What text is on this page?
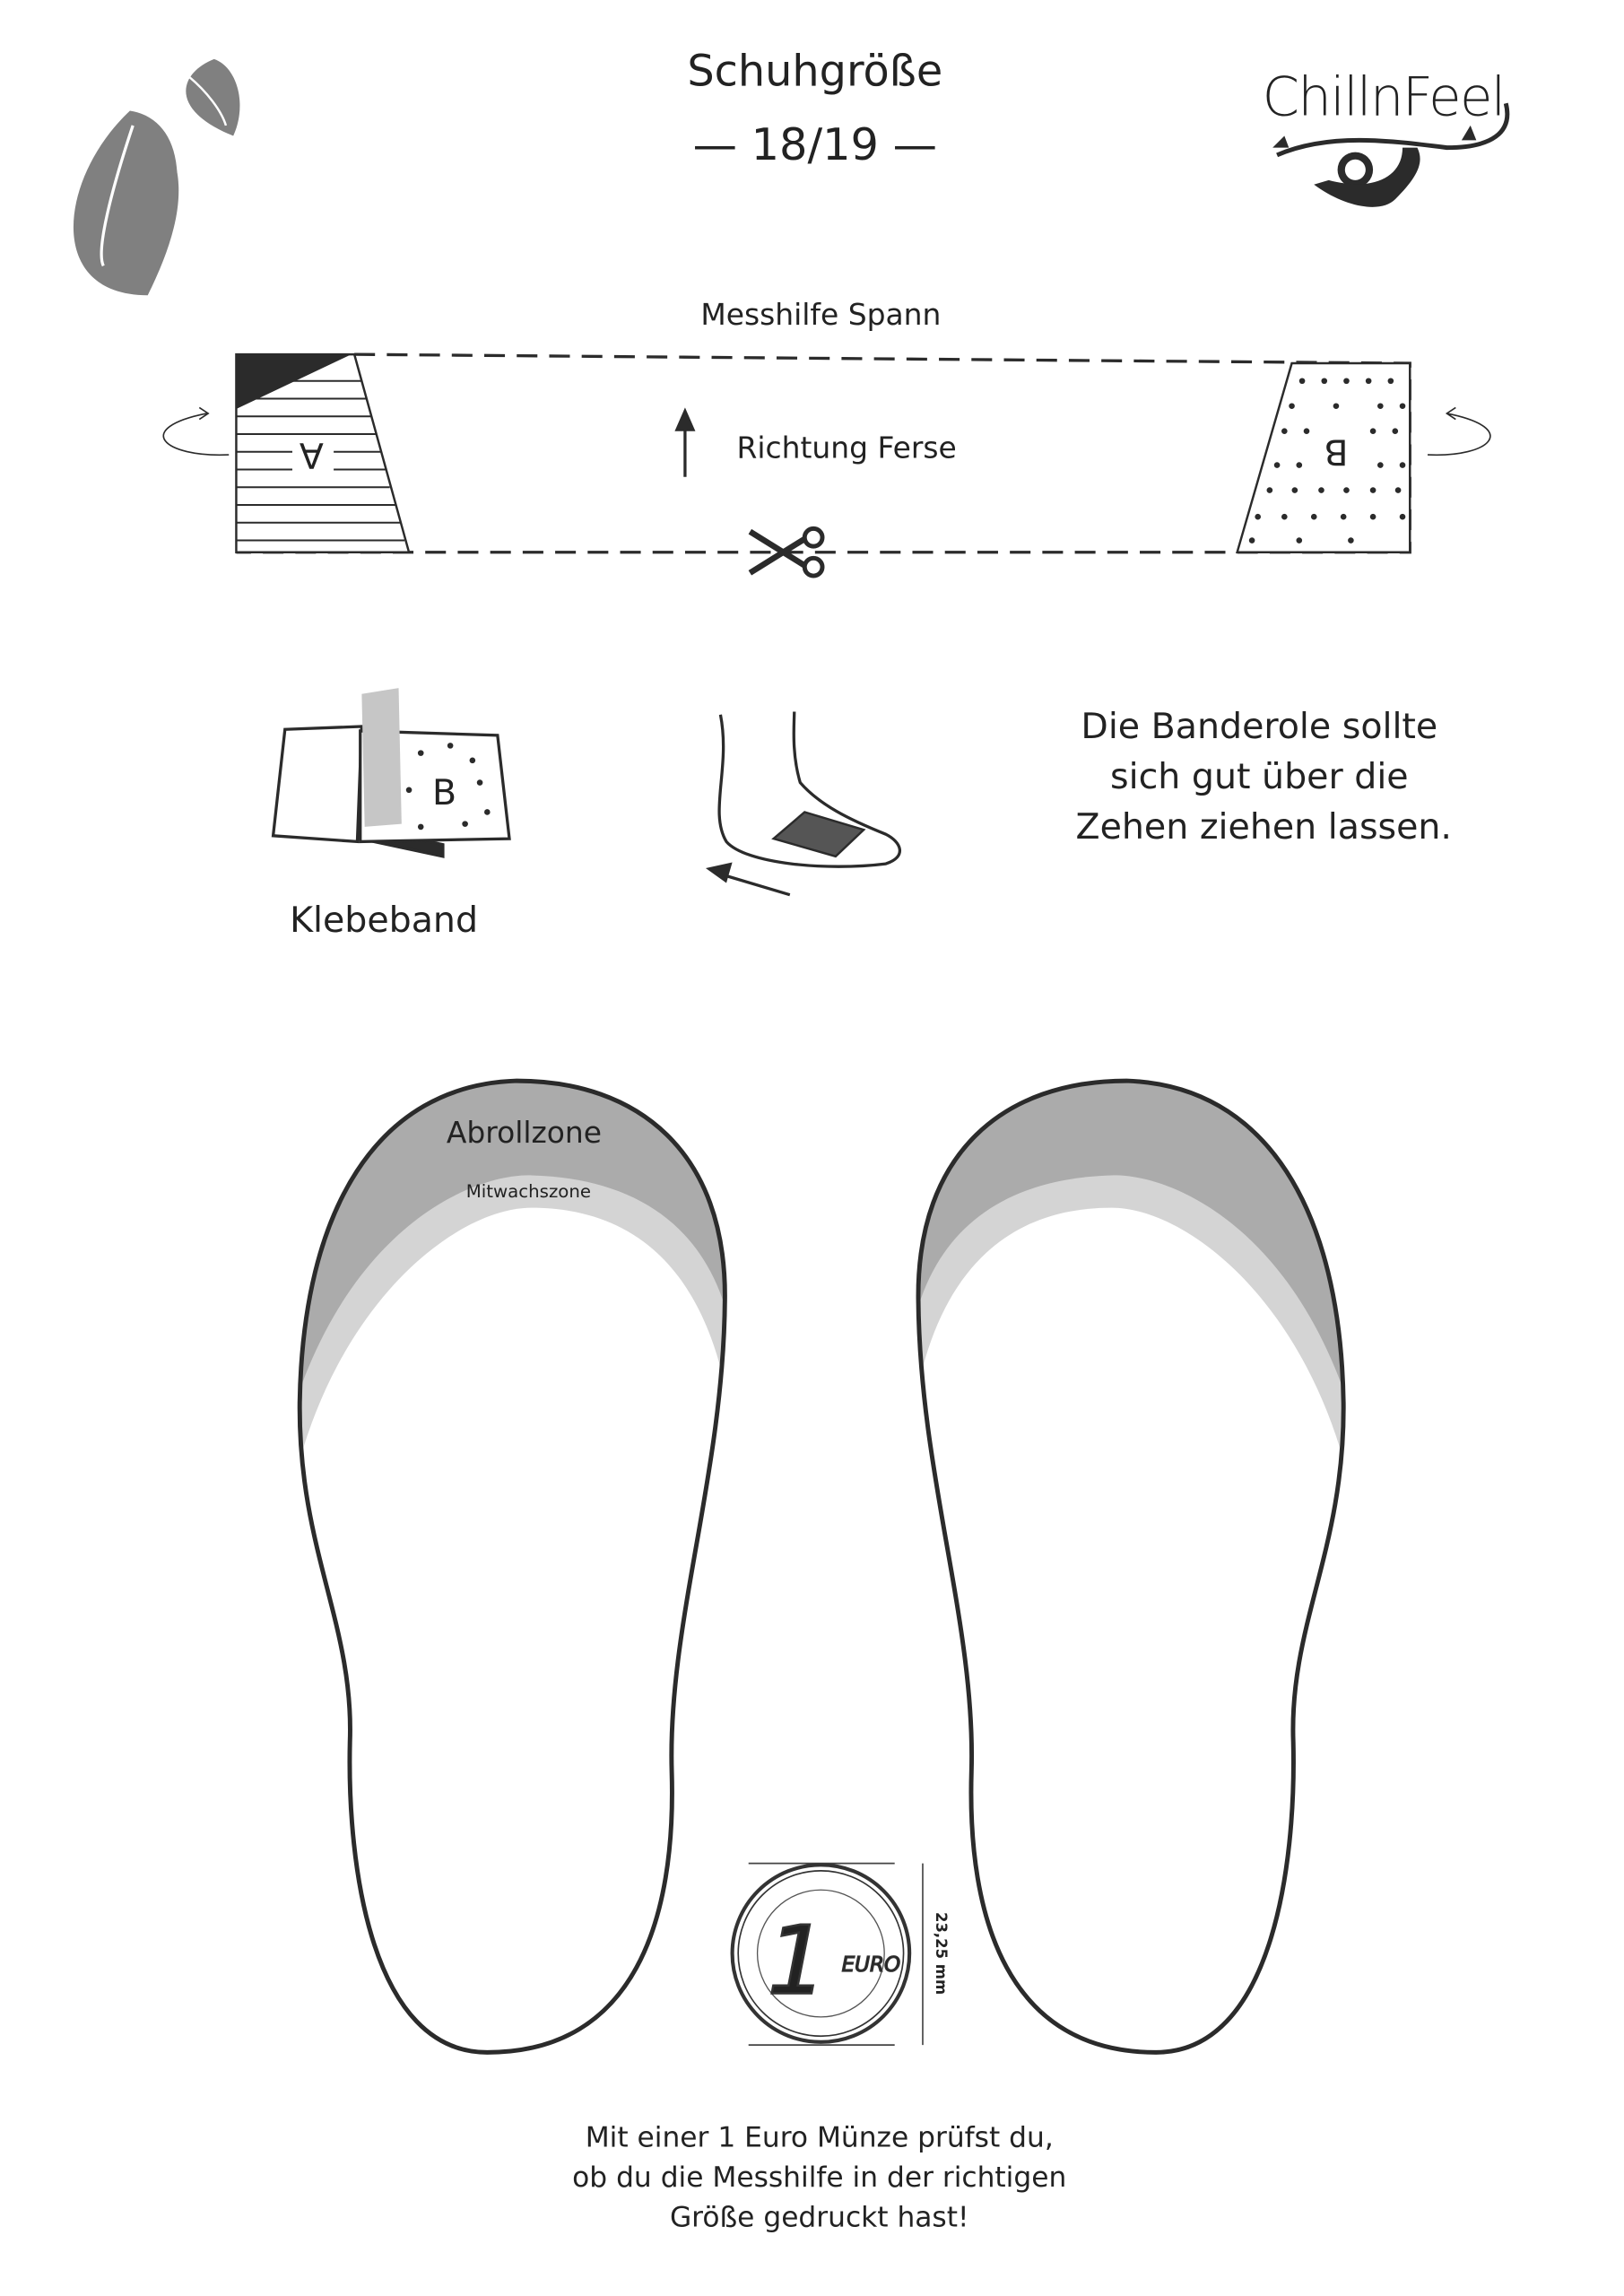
Schuhgröße
— 18/19 —
ChillnFeel
Messhilfe Spann
A	B
Richtung Ferse
B
Klebeband
Die Banderole sollte
sich gut über die
Zehen ziehen lassen.
Abrollzone
Mitwachszone
1 EURO	23,25 mm
Mit einer 1 Euro Münze prüfst du,
ob du die Messhilfe in der richtigen
Größe gedruckt hast!
